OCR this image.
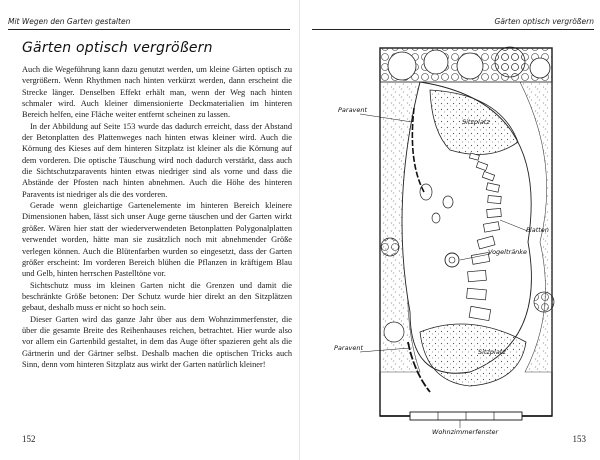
Mit Wegen den Garten gestalten
Gärten optisch vergrößern

Auch die Wegeführung kann dazu genutzt werden, um kleine Gärten optisch zu vergrößern. Wenn Rhythmen nach hinten verkürzt werden, dann erscheint die Strecke länger. Denselben Effekt erhält man, wenn der Weg nach hinten schmaler wird. Auch kleiner dimensionierte Deckmaterialien im hinteren Bereich helfen, eine Fläche weiter entfernt scheinen zu lassen.

In der Abbildung auf Seite 153 wurde das dadurch erreicht, dass der Abstand der Betonplatten des Plattenweges nach hinten etwas kleiner wird. Auch die Körnung des Kieses auf dem hinteren Sitzplatz ist kleiner als die Körnung auf dem vorderen. Die optische Täuschung wird noch dadurch verstärkt, dass auch die Sichtschutzparavents hinten etwas niedriger sind als vorne und dass die Abstände der Pfosten nach hinten abnehmen. Auch die Höhe des hinteren Paravents ist niedriger als die des vorderen.

Gerade wenn gleichartige Gartenelemente im hinteren Bereich kleinere Dimensionen haben, lässt sich unser Auge gerne täuschen und der Garten wirkt größer. Wären hier statt der wiederverwendeten Betonplatten Polygonalplatten verwendet worden, hätte man sie zusätzlich noch mit abnehmender Größe verlegen können. Auch die Blütenfarben wurden so eingesetzt, dass der Garten größer erscheint: Im vorderen Bereich blühen die Pflanzen in kräftigem Blau und Gelb, hinten herrschen Pastelltöne vor.

Sichtschutz muss im kleinen Garten nicht die Grenzen und damit die beschränkte Größe betonen: Der Schutz wurde hier direkt an den Sitzplätzen gebaut, deshalb muss er nicht so hoch sein.

Dieser Garten wird das ganze Jahr über aus dem Wohnzimmerfenster, die über die gesamte Breite des Reihenhauses reichen, betrachtet. Hier wurde also vor allem ein Gartenbild gestaltet, in dem das Auge öfter spazieren geht als die Gärtnerin und der Gärtner selbst. Deshalb machen die optischen Tricks auch Sinn, denn vom hinteren Sitzplatz aus wirkt der Garten natürlich kleiner!

152
Gärten optisch vergrößern
Paravent
Sitzplatz
Platten
Vogeltränke
Paravent	Sitzplatz
Wohnzimmerfenster
153
